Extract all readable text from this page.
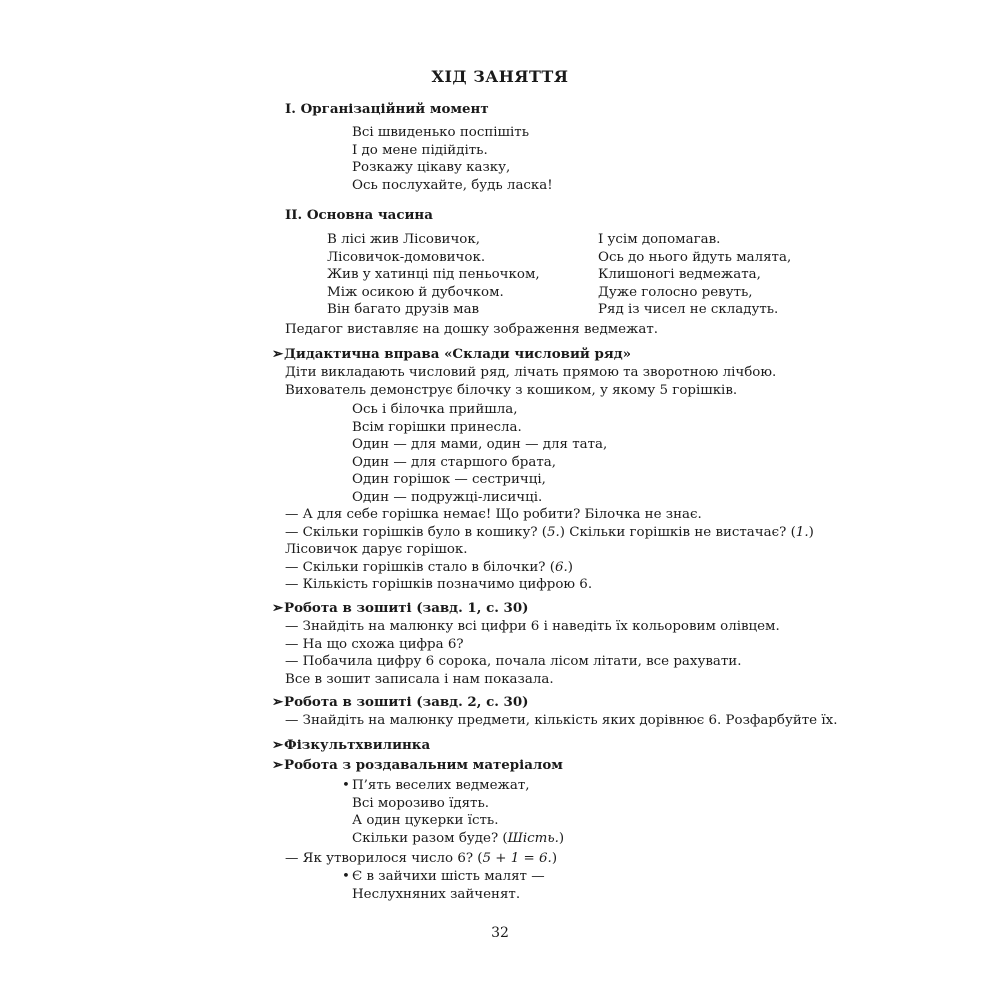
ХІД ЗАНЯТТЯ
І. Організаційний момент
Всі швиденько поспішіть
І до мене підійдіть.
Розкажу цікаву казку,
Ось послухайте, будь ласка!
ІІ. Основна часина
В лісі жив Лісовичок,
Лісовичок-домовичок.
Жив у хатинці під пеньочком,
Між осикою й дубочком.
Він багато друзів мав
І усім допомагав.
Ось до нього йдуть малята,
Клишоногі ведмежата,
Дуже голосно ревуть,
Ряд із чисел не складуть.
Педагог виставляє на дошку зображення ведмежат.
➢Дидактична вправа «Склади числовий ряд»
Діти викладають числовий ряд, лічать прямою та зворотною лічбою.
Вихователь демонструє білочку з кошиком, у якому 5 горішків.
Ось і білочка прийшла,
Всім горішки принесла.
Один — для мами, один — для тата,
Один — для старшого брата,
Один горішок — сестричці,
Один — подружці-лисичці.
— А для себе горішка немає! Що робити? Білочка не знає.
— Скільки горішків було в кошику? (5.) Скільки горішків не вистачає? (1.)
Лісовичок дарує горішок.
— Скільки горішків стало в білочки? (6.)
— Кількість горішків позначимо цифрою 6.
➢Робота в зошиті (завд. 1, с. 30)
— Знайдіть на малюнку всі цифри 6 і наведіть їх кольоровим олівцем.
— На що схожа цифра 6?
— Побачила цифру 6 сорока, почала лісом літати, все рахувати.
Все в зошит записала і нам показала.
➢Робота в зошиті (завд. 2, с. 30)
— Знайдіть на малюнку предмети, кількість яких дорівнює 6. Розфарбуйте їх.
➢Фізкультхвилинка
➢Робота з роздавальним матеріалом
• П’ять веселих ведмежат,
Всі морозиво їдять.
А один цукерки їсть.
Скільки разом буде? (Шість.)
— Як утворилося число 6? (5 + 1 = 6.)
• Є в зайчихи шість малят —
Неслухняних зайченят.
32
